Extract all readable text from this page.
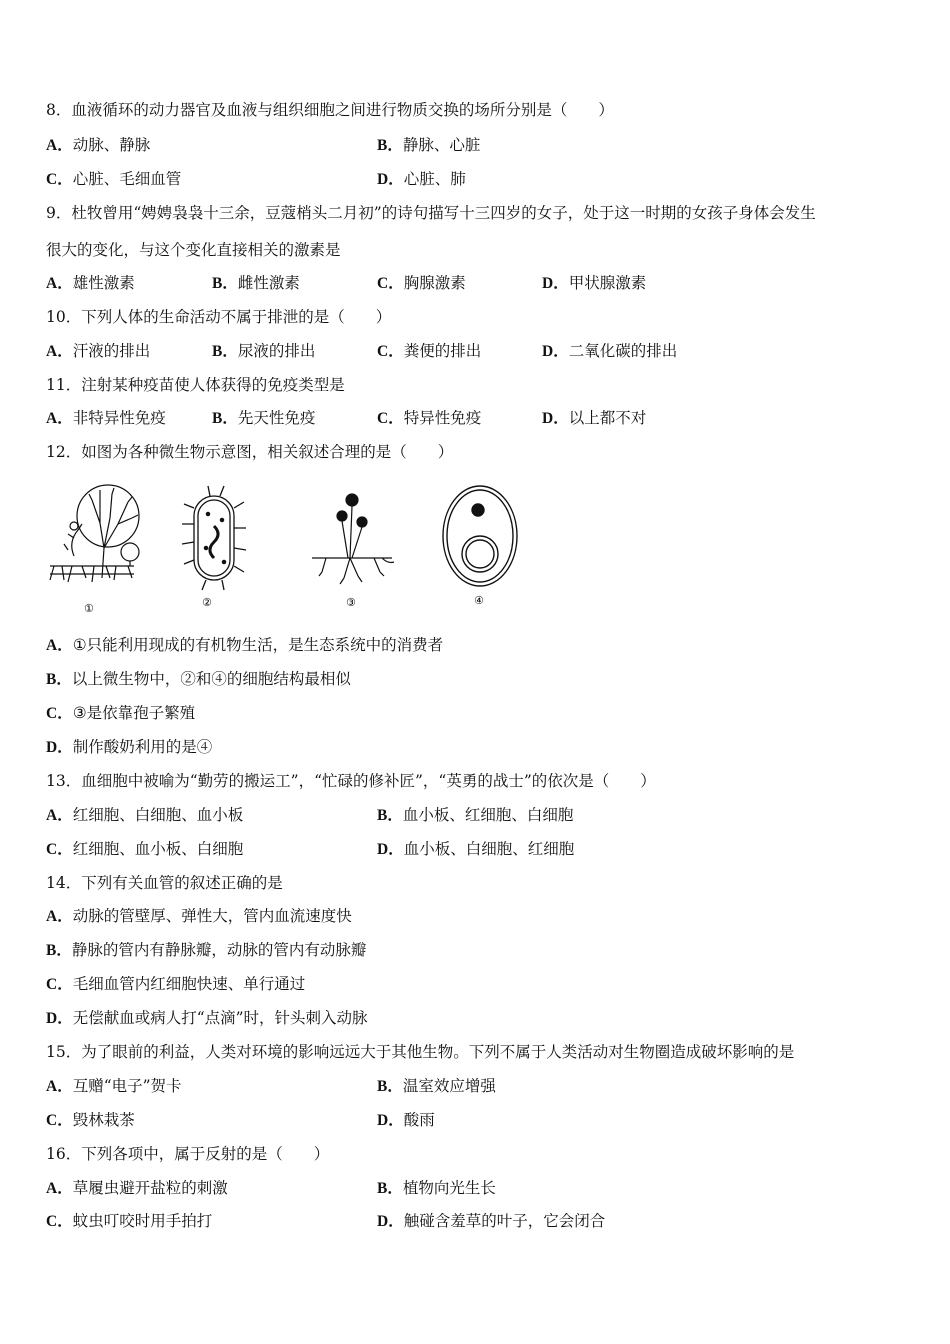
8．血液循环的动力器官及血液与组织细胞之间进行物质交换的场所分别是（　　）
A．动脉、静脉	B．静脉、心脏
C．心脏、毛细血管	D．心脏、肺
9．杜牧曾用“娉娉袅袅十三余，豆蔻梢头二月初”的诗句描写十三四岁的女子，处于这一时期的女孩子身体会发生
很大的变化，与这个变化直接相关的激素是
A．雄性激素	B．雌性激素	C．胸腺激素	D．甲状腺激素
10．下列人体的生命活动不属于排泄的是（　　）
A．汗液的排出	B．尿液的排出	C．粪便的排出	D．二氧化碳的排出
11．注射某种疫苗使人体获得的免疫类型是
A．非特异性免疫	B．先天性免疫	C．特异性免疫	D．以上都不对
12．如图为各种微生物示意图，相关叙述合理的是（　　）
①	②	③	④
A．①只能利用现成的有机物生活，是生态系统中的消费者
B．以上微生物中，②和④的细胞结构最相似
C．③是依靠孢子繁殖
D．制作酸奶利用的是④
13．血细胞中被喻为“勤劳的搬运工”，“忙碌的修补匠”，“英勇的战士”的依次是（　　）
A．红细胞、白细胞、血小板	B．血小板、红细胞、白细胞
C．红细胞、血小板、白细胞	D．血小板、白细胞、红细胞
14．下列有关血管的叙述正确的是
A．动脉的管壁厚、弹性大，管内血流速度快
B．静脉的管内有静脉瓣，动脉的管内有动脉瓣
C．毛细血管内红细胞快速、单行通过
D．无偿献血或病人打“点滴”时，针头刺入动脉
15．为了眼前的利益，人类对环境的影响远远大于其他生物。下列不属于人类活动对生物圈造成破坏影响的是
A．互赠“电子”贺卡	B．温室效应增强
C．毁林栽茶	D．酸雨
16．下列各项中，属于反射的是（　　）
A．草履虫避开盐粒的刺激	B．植物向光生长
C．蚊虫叮咬时用手拍打	D．触碰含羞草的叶子，它会闭合
